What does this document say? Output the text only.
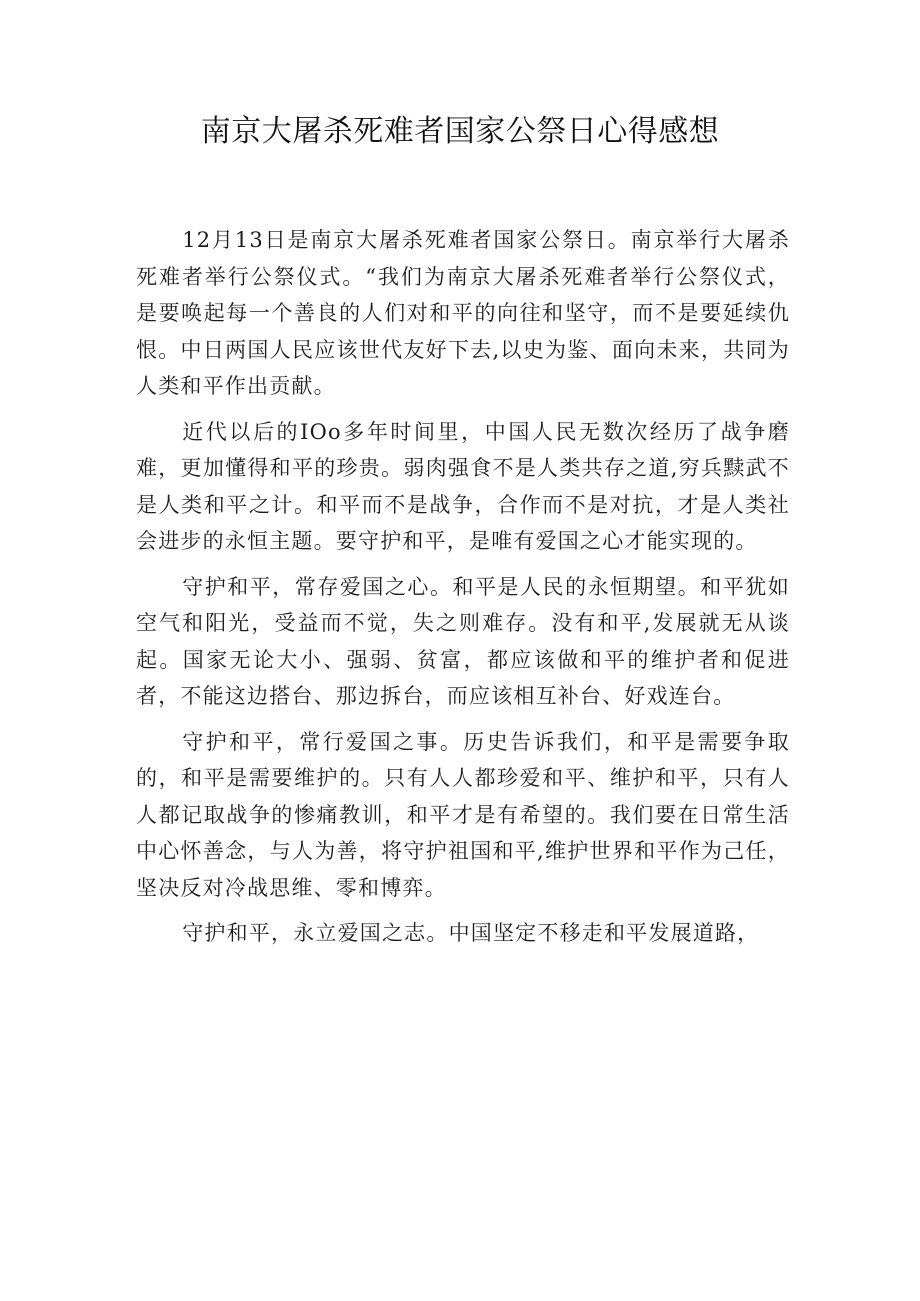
南京大屠杀死难者国家公祭日心得感想

12月13日是南京大屠杀死难者国家公祭日。南京举行大屠杀死难者举行公祭仪式。“我们为南京大屠杀死难者举行公祭仪式，是要唤起每一个善良的人们对和平的向往和坚守，而不是要延续仇恨。中日两国人民应该世代友好下去,以史为鉴、面向未来，共同为人类和平作出贡献。

近代以后的IOo多年时间里，中国人民无数次经历了战争磨难，更加懂得和平的珍贵。弱肉强食不是人类共存之道,穷兵黩武不是人类和平之计。和平而不是战争，合作而不是对抗，才是人类社会进步的永恒主题。要守护和平，是唯有爱国之心才能实现的。

守护和平，常存爱国之心。和平是人民的永恒期望。和平犹如空气和阳光，受益而不觉，失之则难存。没有和平,发展就无从谈起。国家无论大小、强弱、贫富，都应该做和平的维护者和促进者，不能这边搭台、那边拆台，而应该相互补台、好戏连台。

守护和平，常行爱国之事。历史告诉我们，和平是需要争取的，和平是需要维护的。只有人人都珍爱和平、维护和平，只有人人都记取战争的惨痛教训，和平才是有希望的。我们要在日常生活中心怀善念，与人为善，将守护祖国和平,维护世界和平作为己任，坚决反对冷战思维、零和博弈。

守护和平，永立爱国之志。中国坚定不移走和平发展道路，
